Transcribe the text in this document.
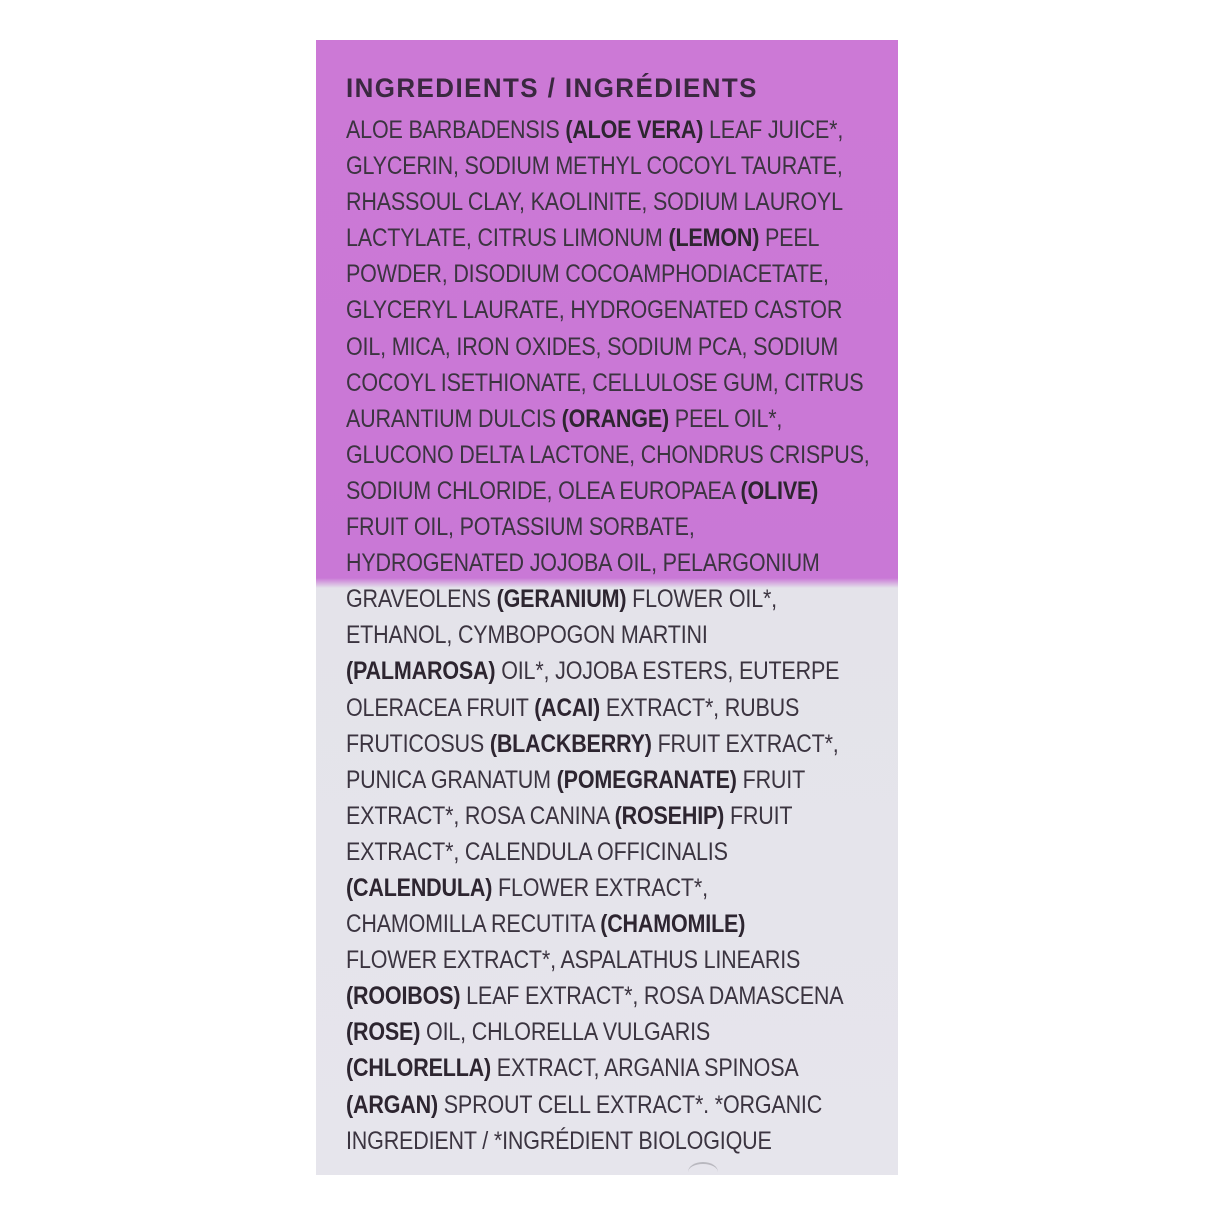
INGREDIENTS / INGRÉDIENTS
ALOE BARBADENSIS (ALOE VERA) LEAF JUICE*,
GLYCERIN, SODIUM METHYL COCOYL TAURATE,
RHASSOUL CLAY, KAOLINITE, SODIUM LAUROYL
LACTYLATE, CITRUS LIMONUM (LEMON) PEEL
POWDER, DISODIUM COCOAMPHODIACETATE,
GLYCERYL LAURATE, HYDROGENATED CASTOR
OIL, MICA, IRON OXIDES, SODIUM PCA, SODIUM
COCOYL ISETHIONATE, CELLULOSE GUM, CITRUS
AURANTIUM DULCIS (ORANGE) PEEL OIL*,
GLUCONO DELTA LACTONE, CHONDRUS CRISPUS,
SODIUM CHLORIDE, OLEA EUROPAEA (OLIVE)
FRUIT OIL, POTASSIUM SORBATE,
HYDROGENATED JOJOBA OIL, PELARGONIUM
GRAVEOLENS (GERANIUM) FLOWER OIL*,
ETHANOL, CYMBOPOGON MARTINI
(PALMAROSA) OIL*, JOJOBA ESTERS, EUTERPE
OLERACEA FRUIT (ACAI) EXTRACT*, RUBUS
FRUTICOSUS (BLACKBERRY) FRUIT EXTRACT*,
PUNICA GRANATUM (POMEGRANATE) FRUIT
EXTRACT*, ROSA CANINA (ROSEHIP) FRUIT
EXTRACT*, CALENDULA OFFICINALIS
(CALENDULA) FLOWER EXTRACT*,
CHAMOMILLA RECUTITA (CHAMOMILE)
FLOWER EXTRACT*, ASPALATHUS LINEARIS
(ROOIBOS) LEAF EXTRACT*, ROSA DAMASCENA
(ROSE) OIL, CHLORELLA VULGARIS
(CHLORELLA) EXTRACT, ARGANIA SPINOSA
(ARGAN) SPROUT CELL EXTRACT*. *ORGANIC
INGREDIENT / *INGRÉDIENT BIOLOGIQUE
